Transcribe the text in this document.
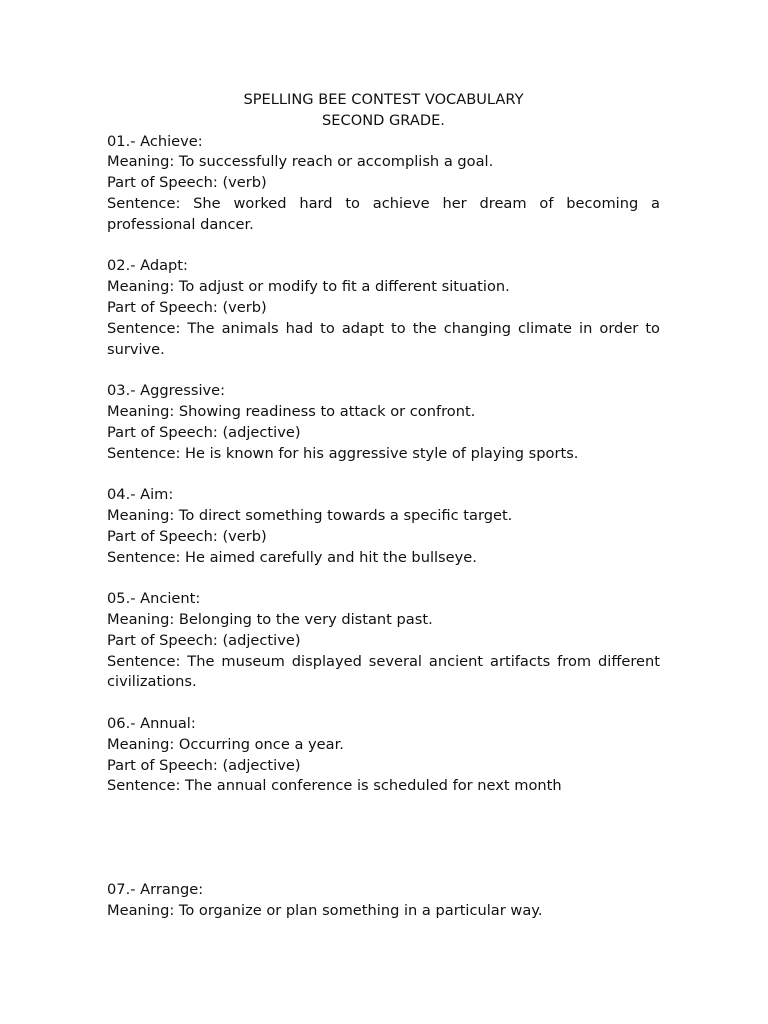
SPELLING BEE CONTEST VOCABULARY
SECOND GRADE.
01.- Achieve:
Meaning: To successfully reach or accomplish a goal.
Part of Speech: (verb)
Sentence: She worked hard to achieve her dream of becoming a professional dancer.
02.- Adapt:
Meaning: To adjust or modify to fit a different situation.
Part of Speech: (verb)
Sentence: The animals had to adapt to the changing climate in order to survive.
03.- Aggressive:
Meaning: Showing readiness to attack or confront.
Part of Speech: (adjective)
Sentence: He is known for his aggressive style of playing sports.
04.- Aim:
Meaning: To direct something towards a specific target.
Part of Speech: (verb)
Sentence: He aimed carefully and hit the bullseye.
05.- Ancient:
Meaning: Belonging to the very distant past.
Part of Speech: (adjective)
Sentence: The museum displayed several ancient artifacts from different civilizations.
06.- Annual:
Meaning: Occurring once a year.
Part of Speech: (adjective)
Sentence: The annual conference is scheduled for next month
07.- Arrange:
Meaning: To organize or plan something in a particular way.
